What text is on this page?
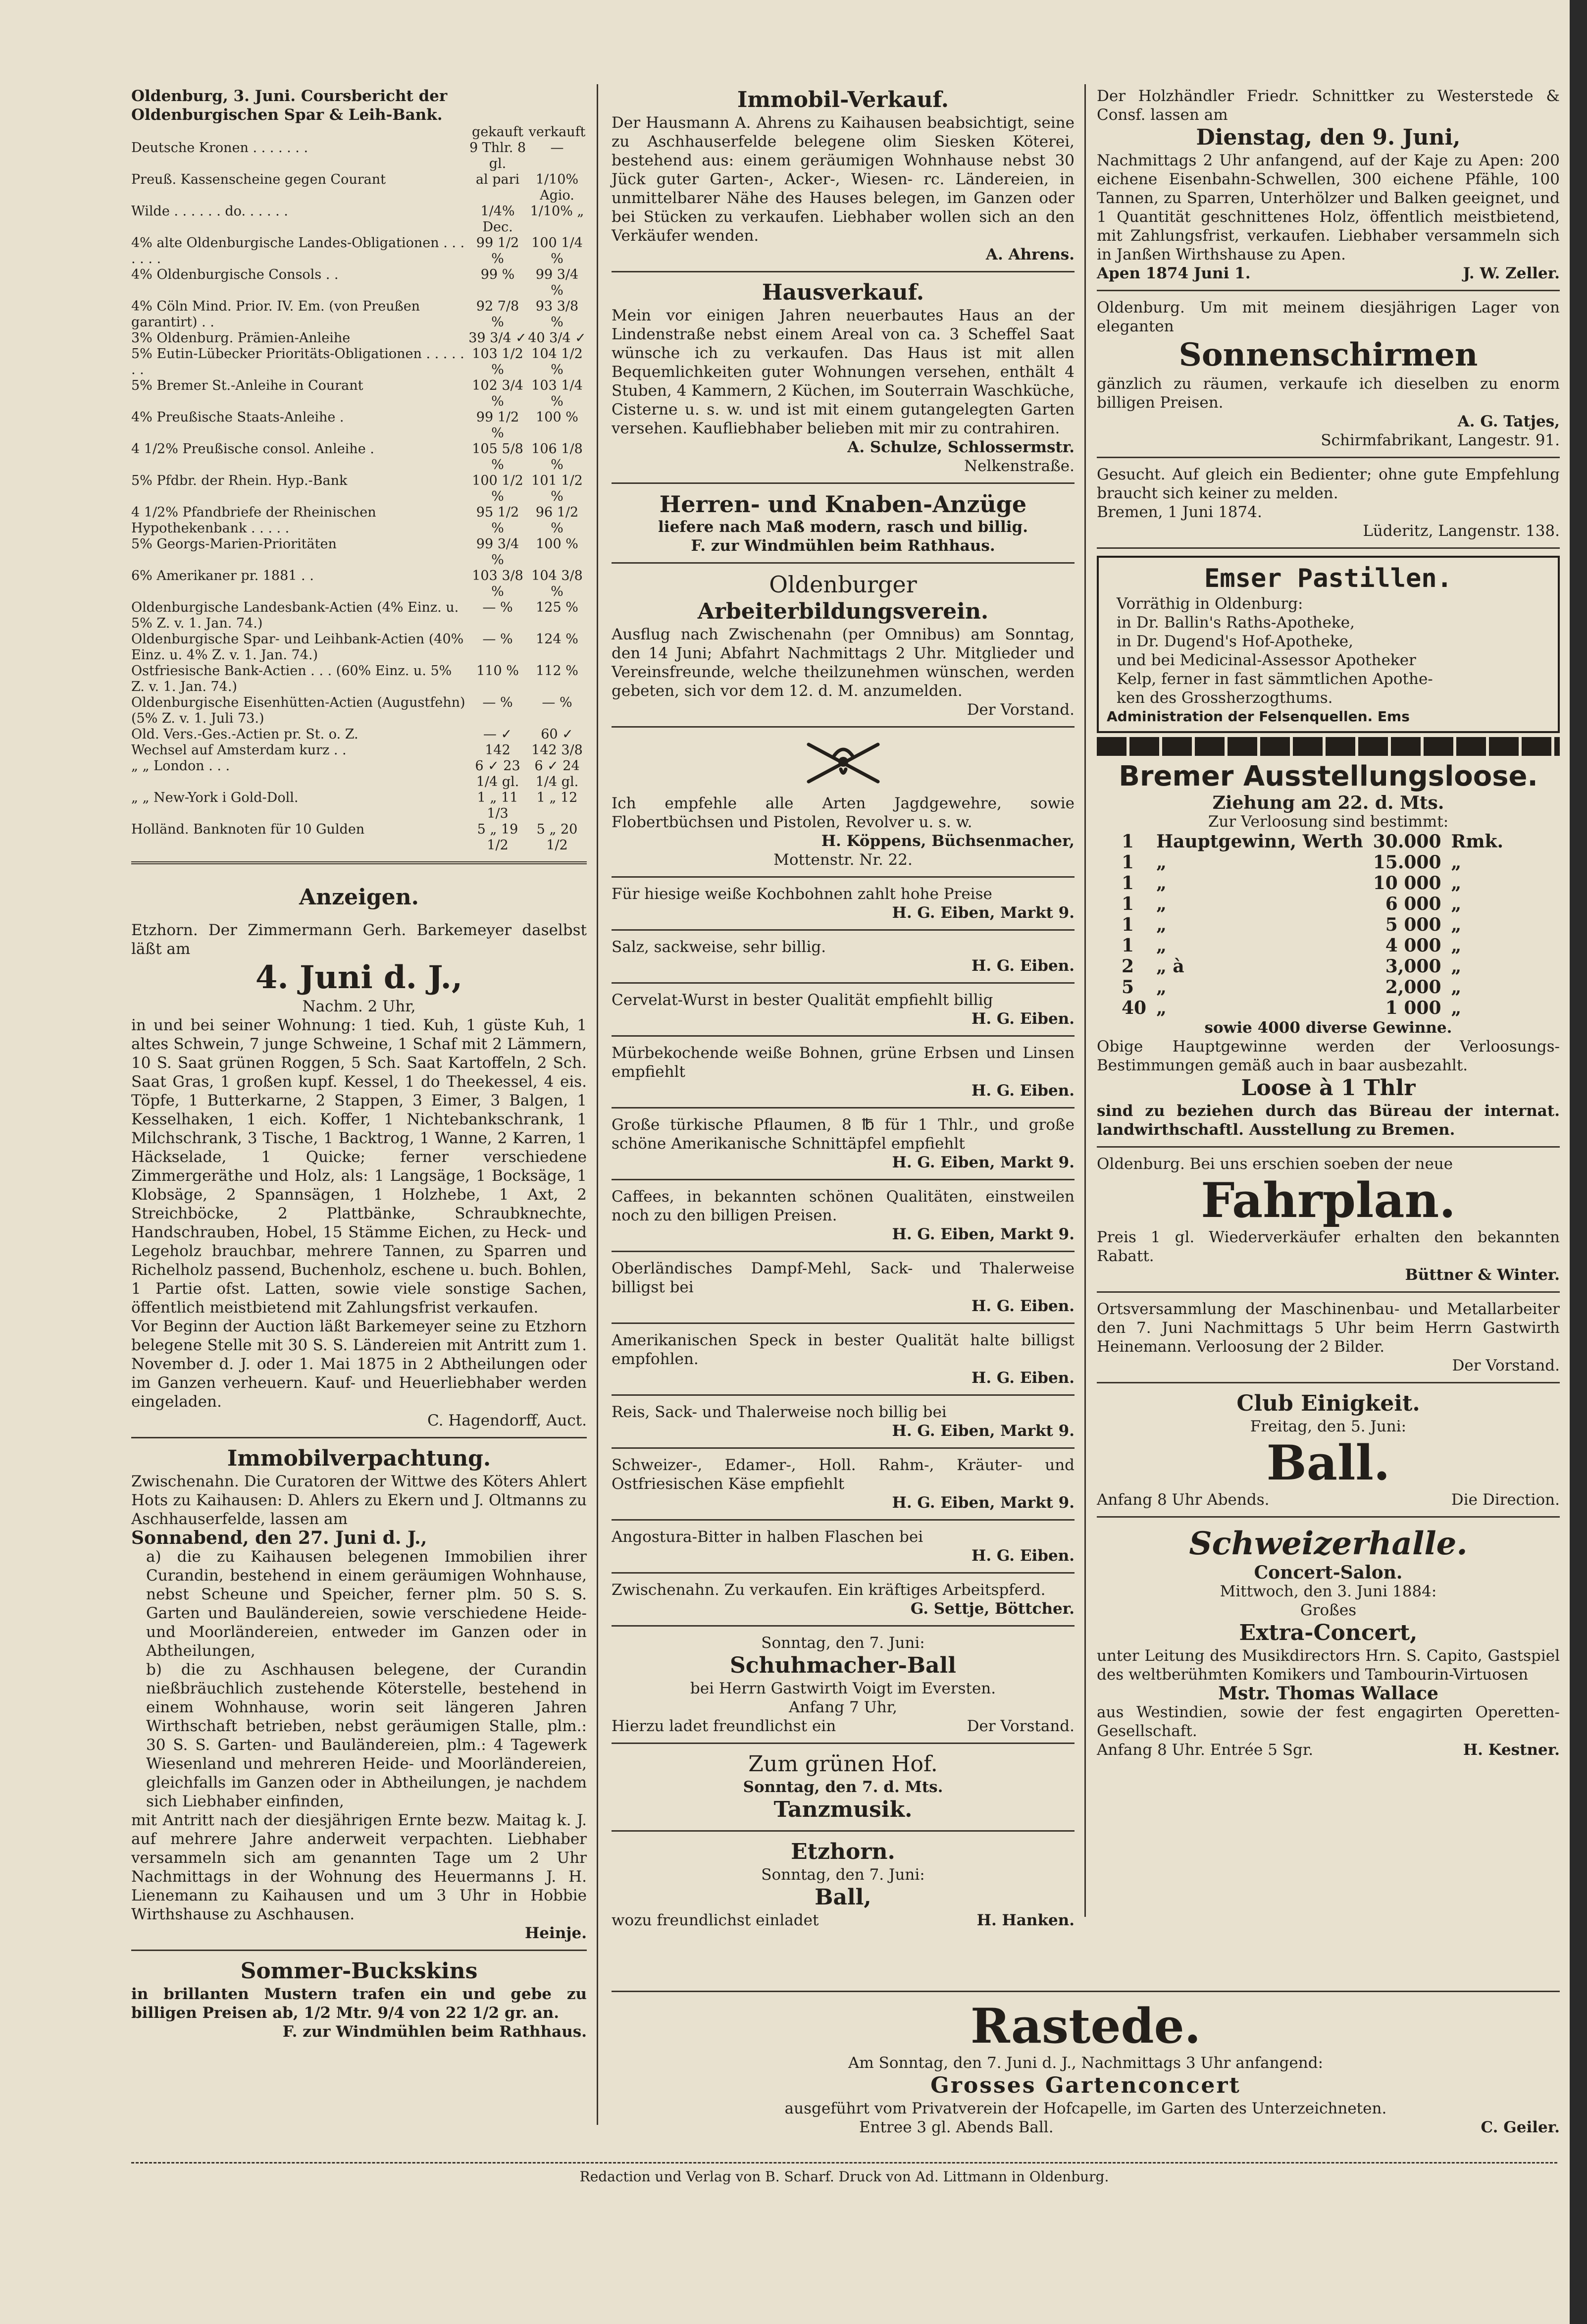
Oldenburg, 3. Juni. Coursbericht der Oldenburgischen Spar & Leih-Bank.
	gekauft	verkauft
Deutsche Kronen . . . . . . .	9 Thlr. 8 gl.	—
Preuß. Kassenscheine gegen Courant	al pari	1/10% Agio.
Wilde . . . . . . do. . . . . .	1/4% Dec.	1/10% „
4% alte Oldenburgische Landes-Obligationen . . . . . . .	99 1/2 %	100 1/4 %
4% Oldenburgische Consols . .	99 %	99 3/4 %
4% Cöln Mind. Prior. IV. Em. (von Preußen garantirt) . .	92 7/8 %	93 3/8 %
3% Oldenburg. Prämien-Anleihe	39 3/4 ✓	40 3/4 ✓
5% Eutin-Lübecker Prioritäts-Obligationen . . . . . . .	103 1/2 %	104 1/2 %
5% Bremer St.-Anleihe in Courant	102 3/4 %	103 1/4 %
4% Preußische Staats-Anleihe .	99 1/2 %	100 %
4 1/2% Preußische consol. Anleihe .	105 5/8 %	106 1/8 %
5% Pfdbr. der Rhein. Hyp.-Bank	100 1/2 %	101 1/2 %
4 1/2% Pfandbriefe der Rheinischen Hypothekenbank . . . . .	95 1/2 %	96 1/2 %
5% Georgs-Marien-Prioritäten	99 3/4 %	100 %
6% Amerikaner pr. 1881 . .	103 3/8 %	104 3/8 %
Oldenburgische Landesbank-Actien (4% Einz. u. 5% Z. v. 1. Jan. 74.)	— %	125 %
Oldenburgische Spar- und Leihbank-Actien (40% Einz. u. 4% Z. v. 1. Jan. 74.)	— %	124 %
Ostfriesische Bank-Actien . . . (60% Einz. u. 5% Z. v. 1. Jan. 74.)	110 %	112 %
Oldenburgische Eisenhütten-Actien (Augustfehn) (5% Z. v. 1. Juli 73.)	— %	— %
Old. Vers.-Ges.-Actien pr. St. o. Z.	— ✓	60 ✓
Wechsel auf Amsterdam kurz . .	142	142 3/8
„ „ London . . .	6 ✓ 23 1/4 gl.	6 ✓ 24 1/4 gl.
„ „ New-York i Gold-Doll.	1 „ 11 1/3	1 „ 12
Holländ. Banknoten für 10 Gulden	5 „ 19 1/2	5 „ 20 1/2
Anzeigen.
Etzhorn. Der Zimmermann Gerh. Barkemeyer daselbst läßt am
4. Juni d. J.,
Nachm. 2 Uhr,
in und bei seiner Wohnung: 1 tied. Kuh, 1 güste Kuh, 1 altes Schwein, 7 junge Schweine, 1 Schaf mit 2 Lämmern, 10 S. Saat grünen Roggen, 5 Sch. Saat Kartoffeln, 2 Sch. Saat Gras, 1 großen kupf. Kessel, 1 do Theekessel, 4 eis. Töpfe, 1 Butterkarne, 2 Stappen, 3 Eimer, 3 Balgen, 1 Kesselhaken, 1 eich. Koffer, 1 Nichtebankschrank, 1 Milchschrank, 3 Tische, 1 Backtrog, 1 Wanne, 2 Karren, 1 Häckselade, 1 Quicke; ferner verschiedene Zimmergeräthe und Holz, als: 1 Langsäge, 1 Bocksäge, 1 Klobsäge, 2 Spannsägen, 1 Holzhebe, 1 Axt, 2 Streichböcke, 2 Plattbänke, Schraubknechte, Handschrauben, Hobel, 15 Stämme Eichen, zu Heck- und Legeholz brauchbar, mehrere Tannen, zu Sparren und Richelholz passend, Buchenholz, eschene u. buch. Bohlen, 1 Partie ofst. Latten, sowie viele sonstige Sachen, öffentlich meistbietend mit Zahlungsfrist verkaufen.
Vor Beginn der Auction läßt Barkemeyer seine zu Etzhorn belegene Stelle mit 30 S. S. Ländereien mit Antritt zum 1. November d. J. oder 1. Mai 1875 in 2 Abtheilungen oder im Ganzen verheuern. Kauf- und Heuerliebhaber werden eingeladen.
C. Hagendorff, Auct.
Immobilverpachtung.
Zwischenahn. Die Curatoren der Wittwe des Köters Ahlert Hots zu Kaihausen: D. Ahlers zu Ekern und J. Oltmanns zu Aschhauserfelde, lassen am
Sonnabend, den 27. Juni d. J.,
a) die zu Kaihausen belegenen Immobilien ihrer Curandin, bestehend in einem geräumigen Wohnhause, nebst Scheune und Speicher, ferner plm. 50 S. S. Garten und Bauländereien, sowie verschiedene Heide- und Moorländereien, entweder im Ganzen oder in Abtheilungen,
b) die zu Aschhausen belegene, der Curandin nießbräuchlich zustehende Köterstelle, bestehend in einem Wohnhause, worin seit längeren Jahren Wirthschaft betrieben, nebst geräumigen Stalle, plm.: 30 S. S. Garten- und Bauländereien, plm.: 4 Tagewerk Wiesenland und mehreren Heide- und Moorländereien, gleichfalls im Ganzen oder in Abtheilungen, je nachdem sich Liebhaber einfinden,
mit Antritt nach der diesjährigen Ernte bezw. Maitag k. J. auf mehrere Jahre anderweit verpachten. Liebhaber versammeln sich am genannten Tage um 2 Uhr Nachmittags in der Wohnung des Heuermanns J. H. Lienemann zu Kaihausen und um 3 Uhr in Hobbie Wirthshause zu Aschhausen.
Heinje.
Sommer-Buckskins
in brillanten Mustern trafen ein und gebe zu billigen Preisen ab, 1/2 Mtr. 9/4 von 22 1/2 gr. an.
F. zur Windmühlen beim Rathhaus.
Immobil-Verkauf.
Der Hausmann A. Ahrens zu Kaihausen beabsichtigt, seine zu Aschhauserfelde belegene olim Siesken Köterei, bestehend aus: einem geräumigen Wohnhause nebst 30 Jück guter Garten-, Acker-, Wiesen- rc. Ländereien, in unmittelbarer Nähe des Hauses belegen, im Ganzen oder bei Stücken zu verkaufen. Liebhaber wollen sich an den Verkäufer wenden.
A. Ahrens.
Hausverkauf.
Mein vor einigen Jahren neuerbautes Haus an der Lindenstraße nebst einem Areal von ca. 3 Scheffel Saat wünsche ich zu verkaufen. Das Haus ist mit allen Bequemlichkeiten guter Wohnungen versehen, enthält 4 Stuben, 4 Kammern, 2 Küchen, im Souterrain Waschküche, Cisterne u. s. w. und ist mit einem gutangelegten Garten versehen. Kaufliebhaber belieben mit mir zu contrahiren.
A. Schulze, Schlossermstr.
Nelkenstraße.
Herren- und Knaben-Anzüge
liefere nach Maß modern, rasch und billig.
F. zur Windmühlen beim Rathhaus.
Oldenburger
Arbeiterbildungsverein.
Ausflug nach Zwischenahn (per Omnibus) am Sonntag, den 14 Juni; Abfahrt Nachmittags 2 Uhr. Mitglieder und Vereinsfreunde, welche theilzunehmen wünschen, werden gebeten, sich vor dem 12. d. M. anzumelden.
Der Vorstand.
Ich empfehle alle Arten Jagdgewehre, sowie Flobertbüchsen und Pistolen, Revolver u. s. w.
H. Köppens, Büchsenmacher,
Mottenstr. Nr. 22.
Für hiesige weiße Kochbohnen zahlt hohe Preise
H. G. Eiben, Markt 9.
Salz, sackweise, sehr billig.
H. G. Eiben.
Cervelat-Wurst in bester Qualität empfiehlt billig
H. G. Eiben.
Mürbekochende weiße Bohnen, grüne Erbsen und Linsen empfiehlt
H. G. Eiben.
Große türkische Pflaumen, 8 ℔ für 1 Thlr., und große schöne Amerikanische Schnittäpfel empfiehlt
H. G. Eiben, Markt 9.
Caffees, in bekannten schönen Qualitäten, einstweilen noch zu den billigen Preisen.
H. G. Eiben, Markt 9.
Oberländisches Dampf-Mehl, Sack- und Thalerweise billigst bei
H. G. Eiben.
Amerikanischen Speck in bester Qualität halte billigst empfohlen.
H. G. Eiben.
Reis, Sack- und Thalerweise noch billig bei
H. G. Eiben, Markt 9.
Schweizer-, Edamer-, Holl. Rahm-, Kräuter- und Ostfriesischen Käse empfiehlt
H. G. Eiben, Markt 9.
Angostura-Bitter in halben Flaschen bei
H. G. Eiben.
Zwischenahn. Zu verkaufen. Ein kräftiges Arbeitspferd.
G. Settje, Böttcher.
Sonntag, den 7. Juni:
Schuhmacher-Ball
bei Herrn Gastwirth Voigt im Eversten.
Anfang 7 Uhr,
Hierzu ladet freundlichst ein	Der Vorstand.
Zum grünen Hof.
Sonntag, den 7. d. Mts.
Tanzmusik.
Etzhorn.
Sonntag, den 7. Juni:
Ball,
wozu freundlichst einladet	H. Hanken.
Der Holzhändler Friedr. Schnittker zu Westerstede & Consf. lassen am
Dienstag, den 9. Juni,
Nachmittags 2 Uhr anfangend, auf der Kaje zu Apen: 200 eichene Eisenbahn-Schwellen, 300 eichene Pfähle, 100 Tannen, zu Sparren, Unterhölzer und Balken geeignet, und 1 Quantität geschnittenes Holz, öffentlich meistbietend, mit Zahlungsfrist, verkaufen. Liebhaber versammeln sich in Janßen Wirthshause zu Apen.
Apen 1874 Juni 1.	J. W. Zeller.
Oldenburg. Um mit meinem diesjährigen Lager von eleganten
Sonnenschirmen
gänzlich zu räumen, verkaufe ich dieselben zu enorm billigen Preisen.
A. G. Tatjes,
Schirmfabrikant, Langestr. 91.
Gesucht. Auf gleich ein Bedienter; ohne gute Empfehlung braucht sich keiner zu melden.
Bremen, 1 Juni 1874.
Lüderitz, Langenstr. 138.
Emser Pastillen.
Vorräthig in Oldenburg:
in Dr. Ballin's Raths-Apotheke,
in Dr. Dugend's Hof-Apotheke,
und bei Medicinal-Assessor Apotheker
Kelp, ferner in fast sämmtlichen Apothe-
ken des Grossherzogthums.
Administration der Felsenquellen. Ems
Bremer Ausstellungsloose.
Ziehung am 22. d. Mts.
Zur Verloosung sind bestimmt:
1	Hauptgewinn, Werth	30.000	Rmk.
1	„	15.000	„
1	„	10 000	„
1	„	6 000	„
1	„	5 000	„
1	„	4 000	„
2	„ à	3,000	„
5	„	2,000	„
40	„	1 000	„
sowie 4000 diverse Gewinne.
Obige Hauptgewinne werden der Verloosungs-Bestimmungen gemäß auch in baar ausbezahlt.
Loose à 1 Thlr
sind zu beziehen durch das Büreau der internat. landwirthschaftl. Ausstellung zu Bremen.
Oldenburg. Bei uns erschien soeben der neue
Fahrplan.
Preis 1 gl. Wiederverkäufer erhalten den bekannten Rabatt.
Büttner & Winter.
Ortsversammlung der Maschinenbau- und Metallarbeiter den 7. Juni Nachmittags 5 Uhr beim Herrn Gastwirth Heinemann. Verloosung der 2 Bilder.
Der Vorstand.
Club Einigkeit.
Freitag, den 5. Juni:
Ball.
Anfang 8 Uhr Abends.	Die Direction.
Schweizerhalle.
Concert-Salon.
Mittwoch, den 3. Juni 1884:
Großes
Extra-Concert,
unter Leitung des Musikdirectors Hrn. S. Capito, Gastspiel des weltberühmten Komikers und Tambourin-Virtuosen
Mstr. Thomas Wallace
aus Westindien, sowie der fest engagirten Operetten-Gesellschaft.
Anfang 8 Uhr. Entrée 5 Sgr.	H. Kestner.
Rastede.
Am Sonntag, den 7. Juni d. J., Nachmittags 3 Uhr anfangend:
Grosses Gartenconcert
ausgeführt vom Privatverein der Hofcapelle, im Garten des Unterzeichneten.
Entree 3 gl. Abends Ball.	C. Geiler.
Redaction und Verlag von B. Scharf. Druck von Ad. Littmann in Oldenburg.
